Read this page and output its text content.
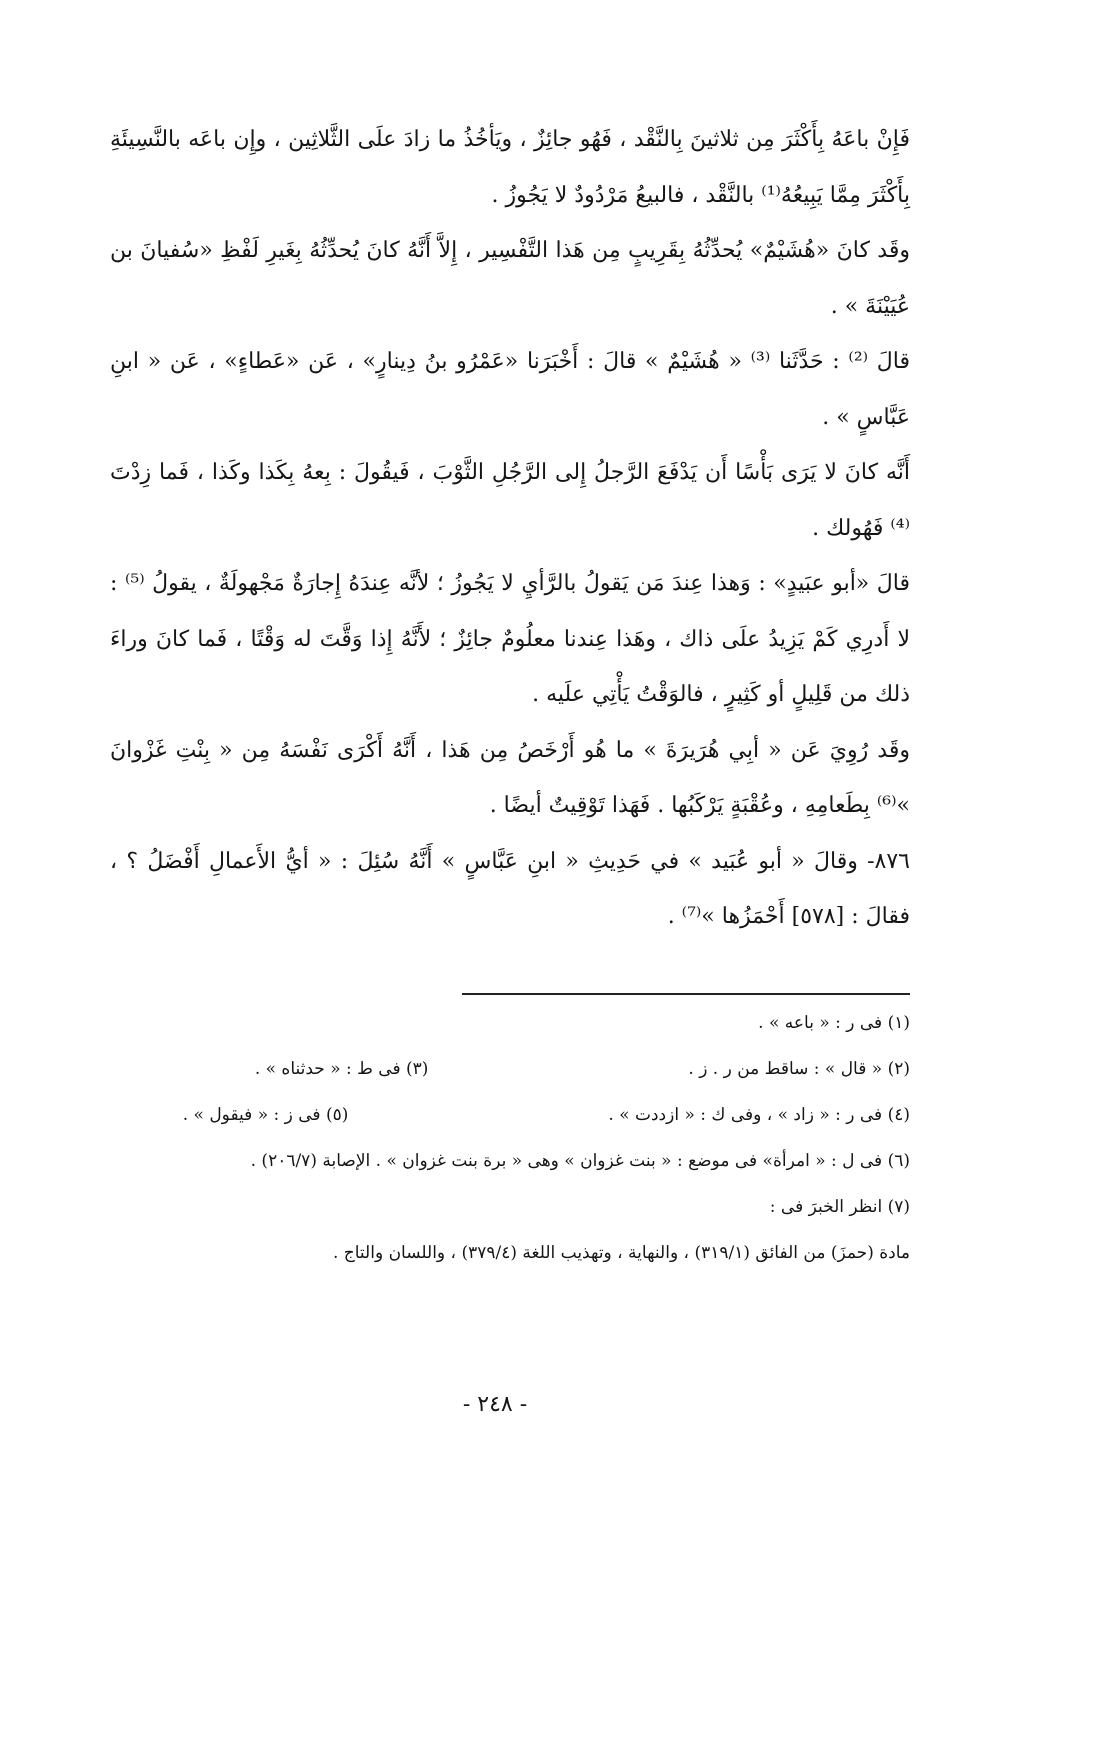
فَإِنْ باعَهُ بِأَكْثَرَ مِن ثلاثينَ بِالنَّقْد ، فَهُو جائِزٌ ، ويَأخُذُ ما زادَ علَى الثَّلاثِين ، وإِن باعَه بالنَّسِيئَةِ بِأَكْثَرَ مِمَّا يَبِيعُهُ⁽¹⁾ بالنَّقْد ، فالبيعُ مَرْدُودٌ لا يَجُوزُ .

وقَد كانَ «هُشَيْمٌ» يُحدِّثُهُ بِقَرِيبٍ مِن هَذا التَّفْسِير ، إِلاَّ أَنَّهُ كانَ يُحدِّثُهُ بِغَيرِ لَفْظِ «سُفيانَ بن عُيَيْنَةَ » .

قالَ ⁽²⁾ : حَدَّثَنا ⁽³⁾ « هُشَيْمٌ » قالَ : أَخْبَرَنا «عَمْرُو بنُ دِينارٍ» ، عَن «عَطاءٍ» ، عَن « ابنِ عَبَّاسٍ » .

أَنَّه كانَ لا يَرَى بَأْسًا أَن يَدْفَعَ الرَّجلُ إِلى الرَّجُلِ الثَّوْبَ ، فَيقُولَ : بِعهُ بِكَذا وكَذا ، فَما زِدْتَ ⁽⁴⁾ فَهُولك .

قالَ «أبو عبَيدٍ» : وَهذا عِندَ مَن يَقولُ بالرَّأيِ لا يَجُوزُ ؛ لأنَّه عِندَهُ إِجارَةٌ مَجْهولَةٌ ، يقولُ ⁽⁵⁾ : لا أَدرِي كَمْ يَزِيدُ علَى ذاك ، وهَذا عِندنا معلُومٌ جائِزٌ ؛ لأَنَّهُ إِذا وَقَّتَ له وَقْتًا ، فَما كانَ وراءَ ذلك من قَلِيلٍ أو كَثِيرٍ ، فالوَقْتُ يَأْتِي علَيه .

وقَد رُوِيَ عَن « أبِي هُرَيرَةَ » ما هُو أَرْخَصُ مِن هَذا ، أَنَّهُ أَكْرَى نَفْسَهُ مِن « بِنْتِ غَزْوانَ »⁽⁶⁾ بِطَعامِهِ ، وعُقْبَةٍ يَرْكَبُها . فَهَذا تَوْقِيتٌ أيضًا .

٨٧٦- وقالَ « أبو عُبَيد » في حَدِيثِ « ابنِ عَبَّاسٍ » أَنَّهُ سُئِلَ : « أيُّ الأَعمالِ أَفْضَلُ ؟ ، فقالَ : [٥٧٨] أَحْمَزُها »⁽⁷⁾ .

(١) فى ر : « باعه » .
(٢) « قال » : ساقط من ر . ز .
(٣) فى ط : « حدثناه » .
(٤) فى ر : « زاد » ، وفى ك : « ازددت » .
(٥) فى ز : « فيقول » .
(٦) فى ل : « امرأة» فى موضع : « بنت غزوان » وهى « برة بنت غزوان » . الإصابة (٢٠٦/٧) .
(٧) انظر الخبرَ فى :
مادة (حمزَ) من الفائق (٣١٩/١) ، والنهاية ، وتهذيب اللغة (٣٧٩/٤) ، واللسان والتاج .
- ٢٤٨ -
